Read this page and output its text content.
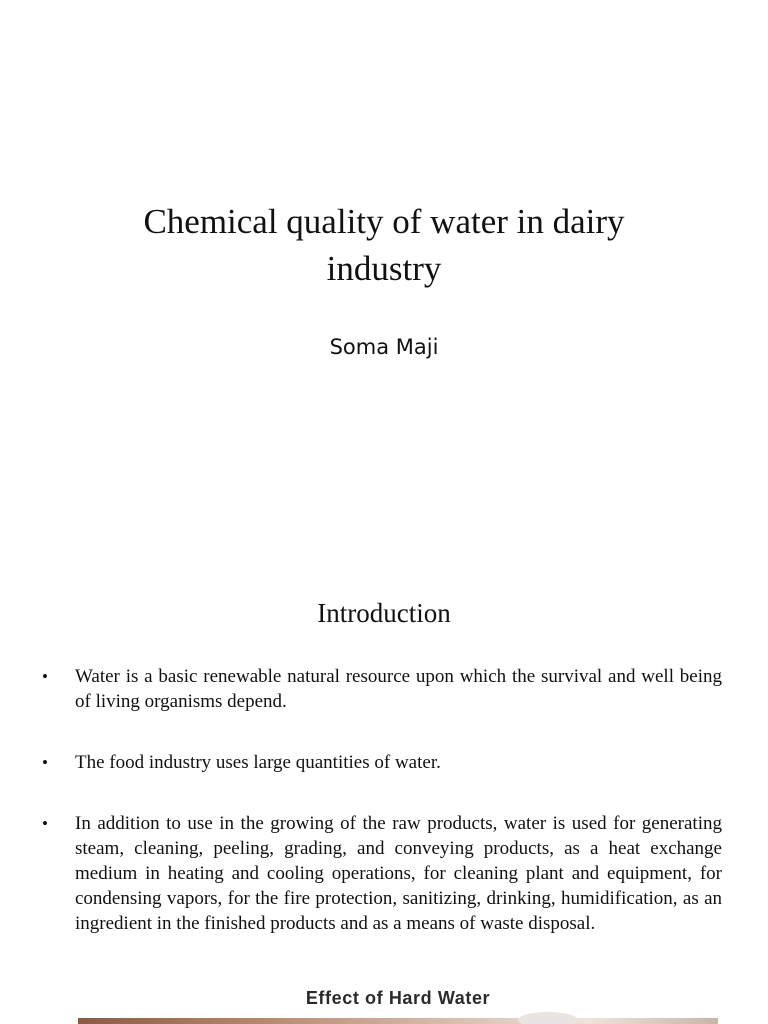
Chemical quality of water in dairy industry
Soma Maji
Introduction
• Water is a basic renewable natural resource upon which the survival and well being of living organisms depend.
• The food industry uses large quantities of water.
• In addition to use in the growing of the raw products, water is used for generating steam, cleaning, peeling, grading, and conveying products, as a heat exchange medium in heating and cooling operations, for cleaning plant and equipment, for condensing vapors, for the fire protection, sanitizing, drinking, humidification, as an ingredient in the finished products and as a means of waste disposal.
Effect of Hard Water
